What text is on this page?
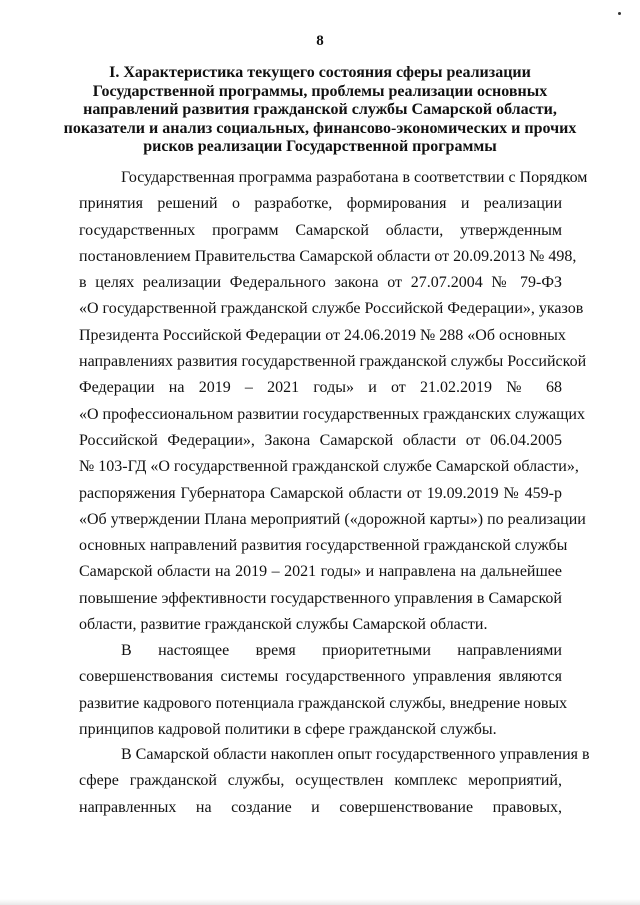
8
I. Характеристика текущего состояния сферы реализации
Государственной программы, проблемы реализации основных
направлений развития гражданской службы Самарской области,
показатели и анализ социальных, финансово-экономических и прочих
рисков реализации Государственной программы
Государственная программа разработана в соответствии с Порядком
принятия решений о разработке, формирования и реализации
государственных программ Самарской области, утвержденным
постановлением Правительства Самарской области от 20.09.2013 № 498,
в целях реализации Федерального закона от 27.07.2004 № 79-ФЗ
«О государственной гражданской службе Российской Федерации», указов
Президента Российской Федерации от 24.06.2019 № 288 «Об основных
направлениях развития государственной гражданской службы Российской
Федерации на 2019 – 2021 годы» и от 21.02.2019 № 68
«О профессиональном развитии государственных гражданских служащих
Российской Федерации», Закона Самарской области от 06.04.2005
№ 103-ГД «О государственной гражданской службе Самарской области»,
распоряжения Губернатора Самарской области от 19.09.2019 № 459-р
«Об утверждении Плана мероприятий («дорожной карты») по реализации
основных направлений развития государственной гражданской службы
Самарской области на 2019 – 2021 годы» и направлена на дальнейшее
повышение эффективности государственного управления в Самарской
области, развитие гражданской службы Самарской области.
В настоящее время приоритетными направлениями
совершенствования системы государственного управления являются
развитие кадрового потенциала гражданской службы, внедрение новых
принципов кадровой политики в сфере гражданской службы.
В Самарской области накоплен опыт государственного управления в
сфере гражданской службы, осуществлен комплекс мероприятий,
направленных на создание и совершенствование правовых,
